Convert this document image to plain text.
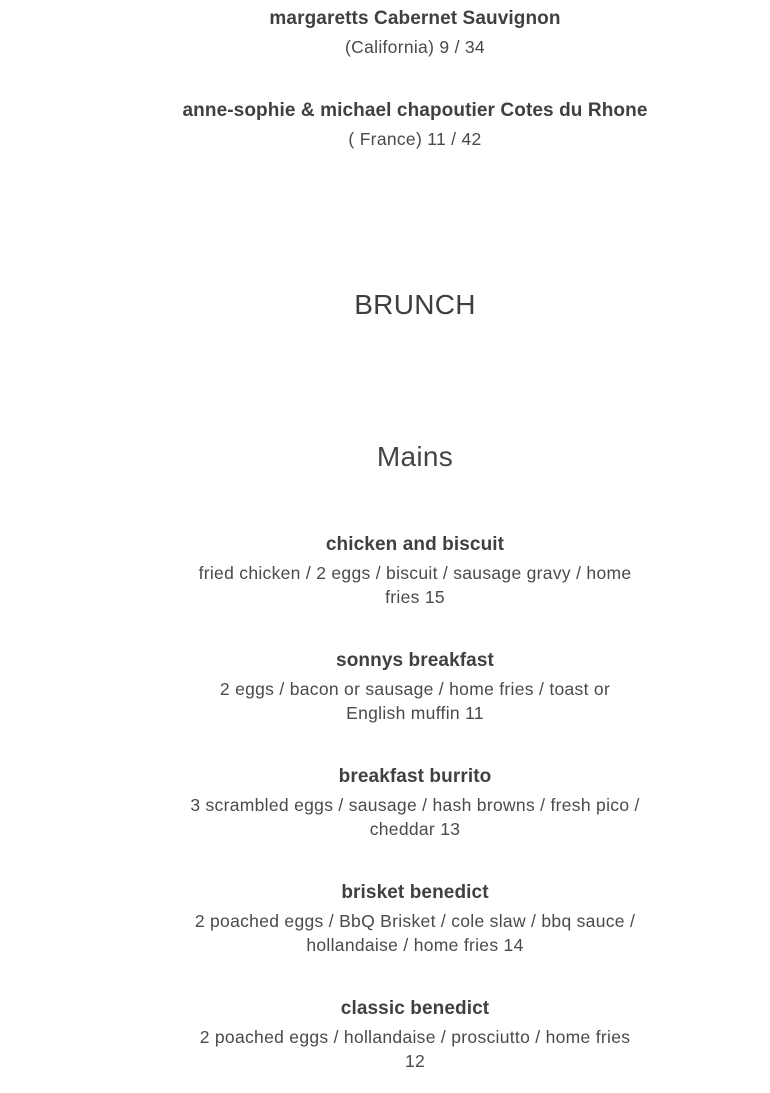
margaretts Cabernet Sauvignon
(California) 9 / 34
anne-sophie & michael chapoutier Cotes du Rhone
( France) 11 / 42
BRUNCH
Mains
chicken and biscuit
fried chicken / 2 eggs / biscuit / sausage gravy / home
fries 15
sonnys breakfast
2 eggs / bacon or sausage / home fries / toast or
English muffin 11
breakfast burrito
3 scrambled eggs / sausage / hash browns / fresh pico /
cheddar 13
brisket benedict
2 poached eggs / BbQ Brisket / cole slaw / bbq sauce /
hollandaise / home fries 14
classic benedict
2 poached eggs / hollandaise / prosciutto / home fries
12
